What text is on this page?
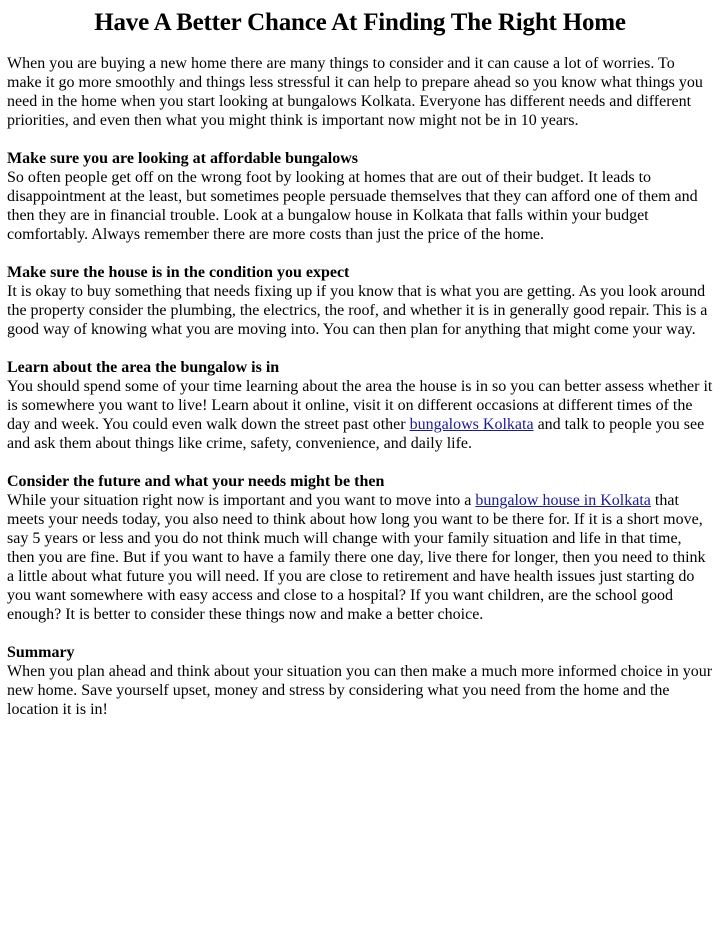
Have A Better Chance At Finding The Right Home

When you are buying a new home there are many things to consider and it can cause a lot of worries. To make it go more smoothly and things less stressful it can help to prepare ahead so you know what things you need in the home when you start looking at bungalows Kolkata. Everyone has different needs and different priorities, and even then what you might think is important now might not be in 10 years.

Make sure you are looking at affordable bungalows

So often people get off on the wrong foot by looking at homes that are out of their budget. It leads to disappointment at the least, but sometimes people persuade themselves that they can afford one of them and then they are in financial trouble. Look at a bungalow house in Kolkata that falls within your budget comfortably. Always remember there are more costs than just the price of the home.

Make sure the house is in the condition you expect

It is okay to buy something that needs fixing up if you know that is what you are getting. As you look around the property consider the plumbing, the electrics, the roof, and whether it is in generally good repair. This is a good way of knowing what you are moving into. You can then plan for anything that might come your way.

Learn about the area the bungalow is in

You should spend some of your time learning about the area the house is in so you can better assess whether it is somewhere you want to live! Learn about it online, visit it on different occasions at different times of the day and week. You could even walk down the street past other bungalows Kolkata and talk to people you see and ask them about things like crime, safety, convenience, and daily life.

Consider the future and what your needs might be then

While your situation right now is important and you want to move into a bungalow house in Kolkata that meets your needs today, you also need to think about how long you want to be there for. If it is a short move, say 5 years or less and you do not think much will change with your family situation and life in that time, then you are fine. But if you want to have a family there one day, live there for longer, then you need to think a little about what future you will need. If you are close to retirement and have health issues just starting do you want somewhere with easy access and close to a hospital? If you want children, are the school good enough? It is better to consider these things now and make a better choice.

Summary

When you plan ahead and think about your situation you can then make a much more informed choice in your new home. Save yourself upset, money and stress by considering what you need from the home and the location it is in!
